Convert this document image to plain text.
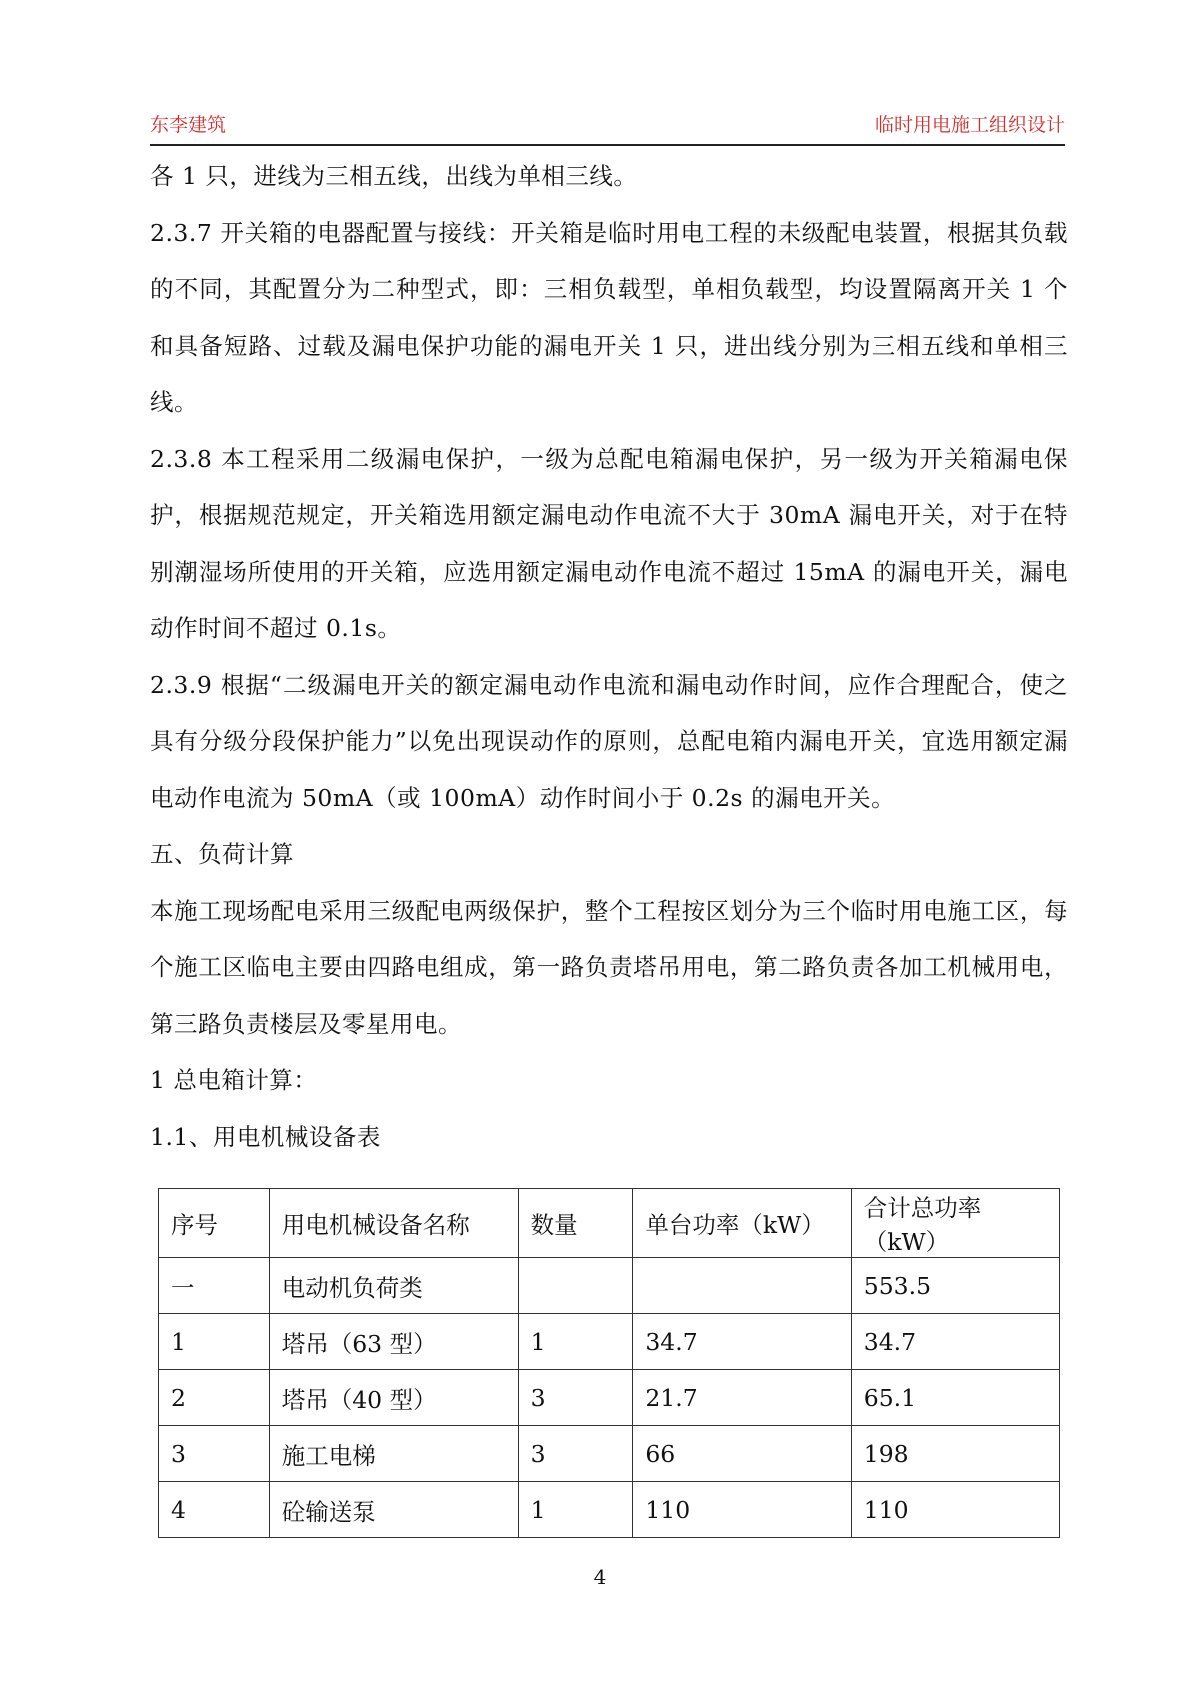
东李建筑	临时用电施工组织设计

各 1 只，进线为三相五线，出线为单相三线。

2.3.7 开关箱的电器配置与接线：开关箱是临时用电工程的未级配电装置，根据其负载的不同，其配置分为二种型式，即：三相负载型，单相负载型，均设置隔离开关 1 个和具备短路、过载及漏电保护功能的漏电开关 1 只，进出线分别为三相五线和单相三线。

2.3.8 本工程采用二级漏电保护，一级为总配电箱漏电保护，另一级为开关箱漏电保护，根据规范规定，开关箱选用额定漏电动作电流不大于 30mA 漏电开关，对于在特别潮湿场所使用的开关箱，应选用额定漏电动作电流不超过 15mA 的漏电开关，漏电动作时间不超过 0.1s。

2.3.9 根据“二级漏电开关的额定漏电动作电流和漏电动作时间，应作合理配合，使之具有分级分段保护能力”以免出现误动作的原则，总配电箱内漏电开关，宜选用额定漏电动作电流为 50mA（或 100mA）动作时间小于 0.2s 的漏电开关。

五、负荷计算

本施工现场配电采用三级配电两级保护，整个工程按区划分为三个临时用电施工区，每个施工区临电主要由四路电组成，第一路负责塔吊用电，第二路负责各加工机械用电，第三路负责楼层及零星用电。

1 总电箱计算：

1.1、用电机械设备表

序号	用电机械设备名称	数量	单台功率（kW）	合计总功率（kW）
一	电动机负荷类			553.5
1	塔吊（63 型）	1	34.7	34.7
2	塔吊（40 型）	3	21.7	65.1
3	施工电梯	3	66	198
4	砼输送泵	1	110	110
4
